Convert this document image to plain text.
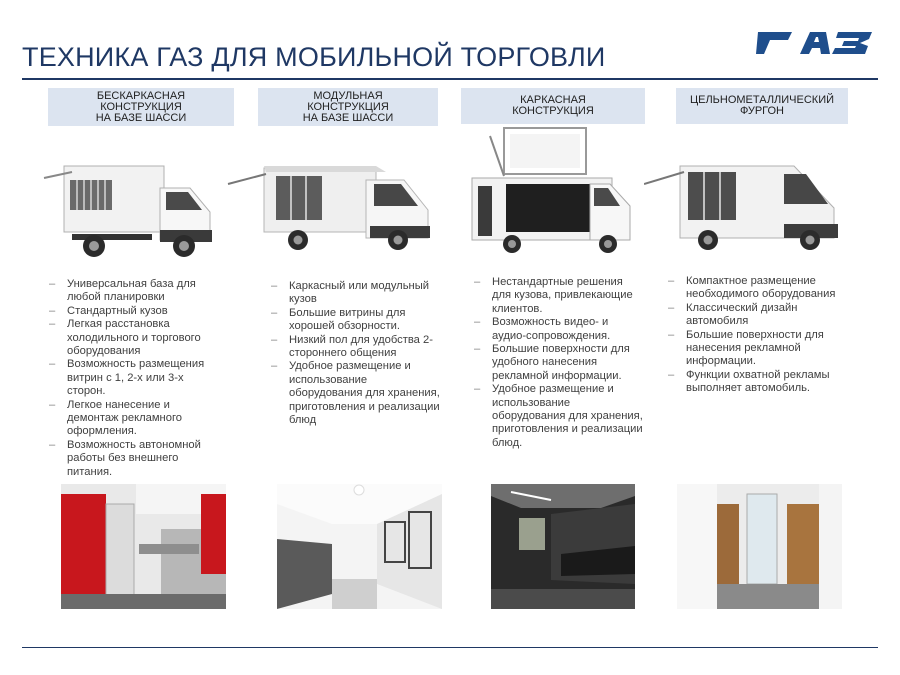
ТЕХНИКА ГАЗ ДЛЯ МОБИЛЬНОЙ ТОРГОВЛИ
БЕСКАРКАСНАЯ
КОНСТРУКЦИЯ
НА БАЗЕ ШАССИ
– Универсальная база для любой планировки
– Стандартный кузов
– Легкая расстановка холодильного и торгового оборудования
– Возможность размещения витрин с 1, 2-х или 3-х сторон.
– Легкое нанесение и демонтаж рекламного оформления.
– Возможность автономной работы без внешнего питания.
МОДУЛЬНАЯ
КОНСТРУКЦИЯ
НА БАЗЕ ШАССИ
– Каркасный или модульный кузов
– Большие витрины для хорошей обзорности.
– Низкий пол для удобства 2-стороннего общения
– Удобное размещение и использование оборудования для хранения, приготовления и реализации блюд
КАРКАСНАЯ
КОНСТРУКЦИЯ
– Нестандартные решения для кузова, привлекающие клиентов.
– Возможность видео- и аудио-сопровождения.
– Большие поверхности для удобного нанесения рекламной информации.
– Удобное размещение и использование оборудования для хранения, приготовления и реализации блюд.
ЦЕЛЬНОМЕТАЛЛИЧЕСКИЙ
ФУРГОН
– Компактное размещение необходимого оборудования
– Классический дизайн автомобиля
– Большие поверхности для нанесения рекламной информации.
– Функции охватной рекламы выполняет автомобиль.
